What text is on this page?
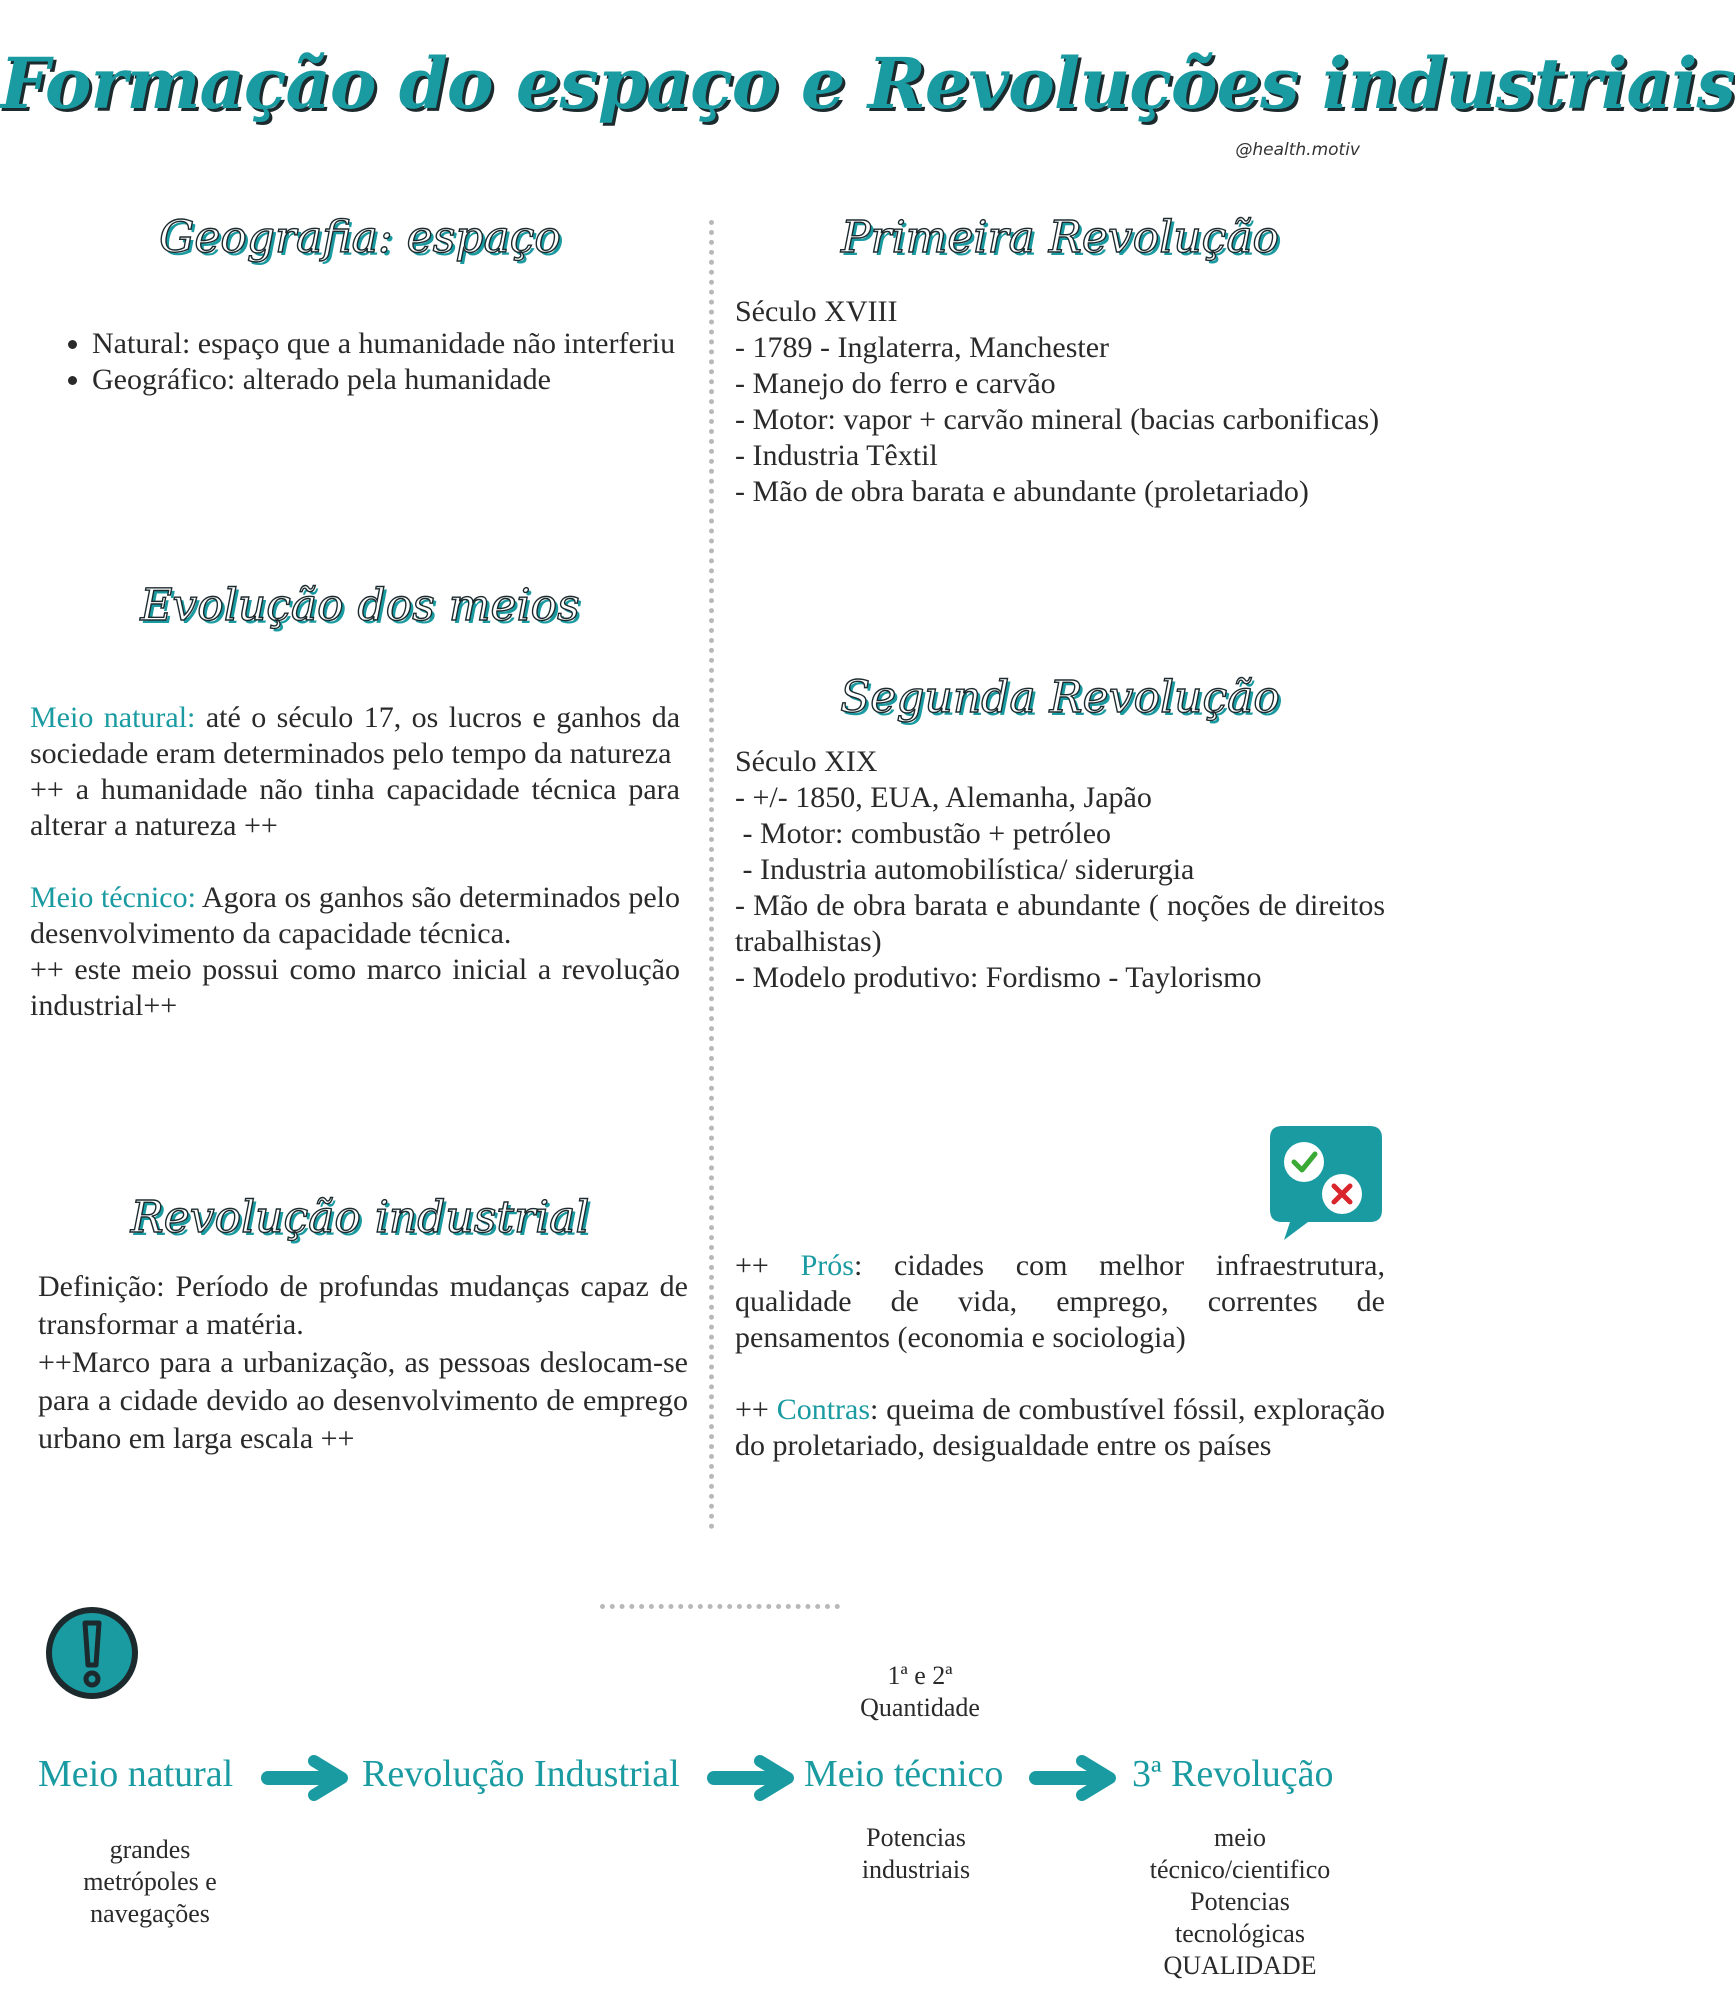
Formação do espaço e Revoluções industriais
@health.motiv
Geografia: espaço
• Natural: espaço que a humanidade não interferiu
• Geográfico: alterado pela humanidade
Evolução dos meios

Meio natural: até o século 17, os lucros e ganhos da sociedade eram determinados pelo tempo da natureza

++ a humanidade não tinha capacidade técnica para alterar a natureza ++

Meio técnico: Agora os ganhos são determinados pelo desenvolvimento da capacidade técnica.

++ este meio possui como marco inicial a revolução industrial++

Revolução industrial

Definição: Período de profundas mudanças capaz de transformar a matéria.

++Marco para a urbanização, as pessoas deslocam-se para a cidade devido ao desenvolvimento de emprego urbano em larga escala ++

Primeira Revolução

Século XVIII

- 1789 - Inglaterra, Manchester

- Manejo do ferro e carvão

- Motor: vapor + carvão mineral (bacias carbonificas)

- Industria Têxtil

- Mão de obra barata e abundante (proletariado)

Segunda Revolução

Século XIX

- +/- 1850, EUA, Alemanha, Japão

- Motor: combustão + petróleo

- Industria automobilística/ siderurgia

- Mão de obra barata e abundante ( noções de direitos trabalhistas)

- Modelo produtivo: Fordismo - Taylorismo

++ Prós: cidades com melhor infraestrutura, qualidade de vida, emprego, correntes de pensamentos (economia e sociologia)

++ Contras: queima de combustível fóssil, exploração do proletariado, desigualdade entre os países

1ª e 2ª
Quantidade
Meio natural	Revolução Industrial	Meio técnico	3ª Revolução
grandes
metrópoles e
navegações
Potencias
industriais
meio
técnico/cientifico
Potencias
tecnológicas
QUALIDADE
